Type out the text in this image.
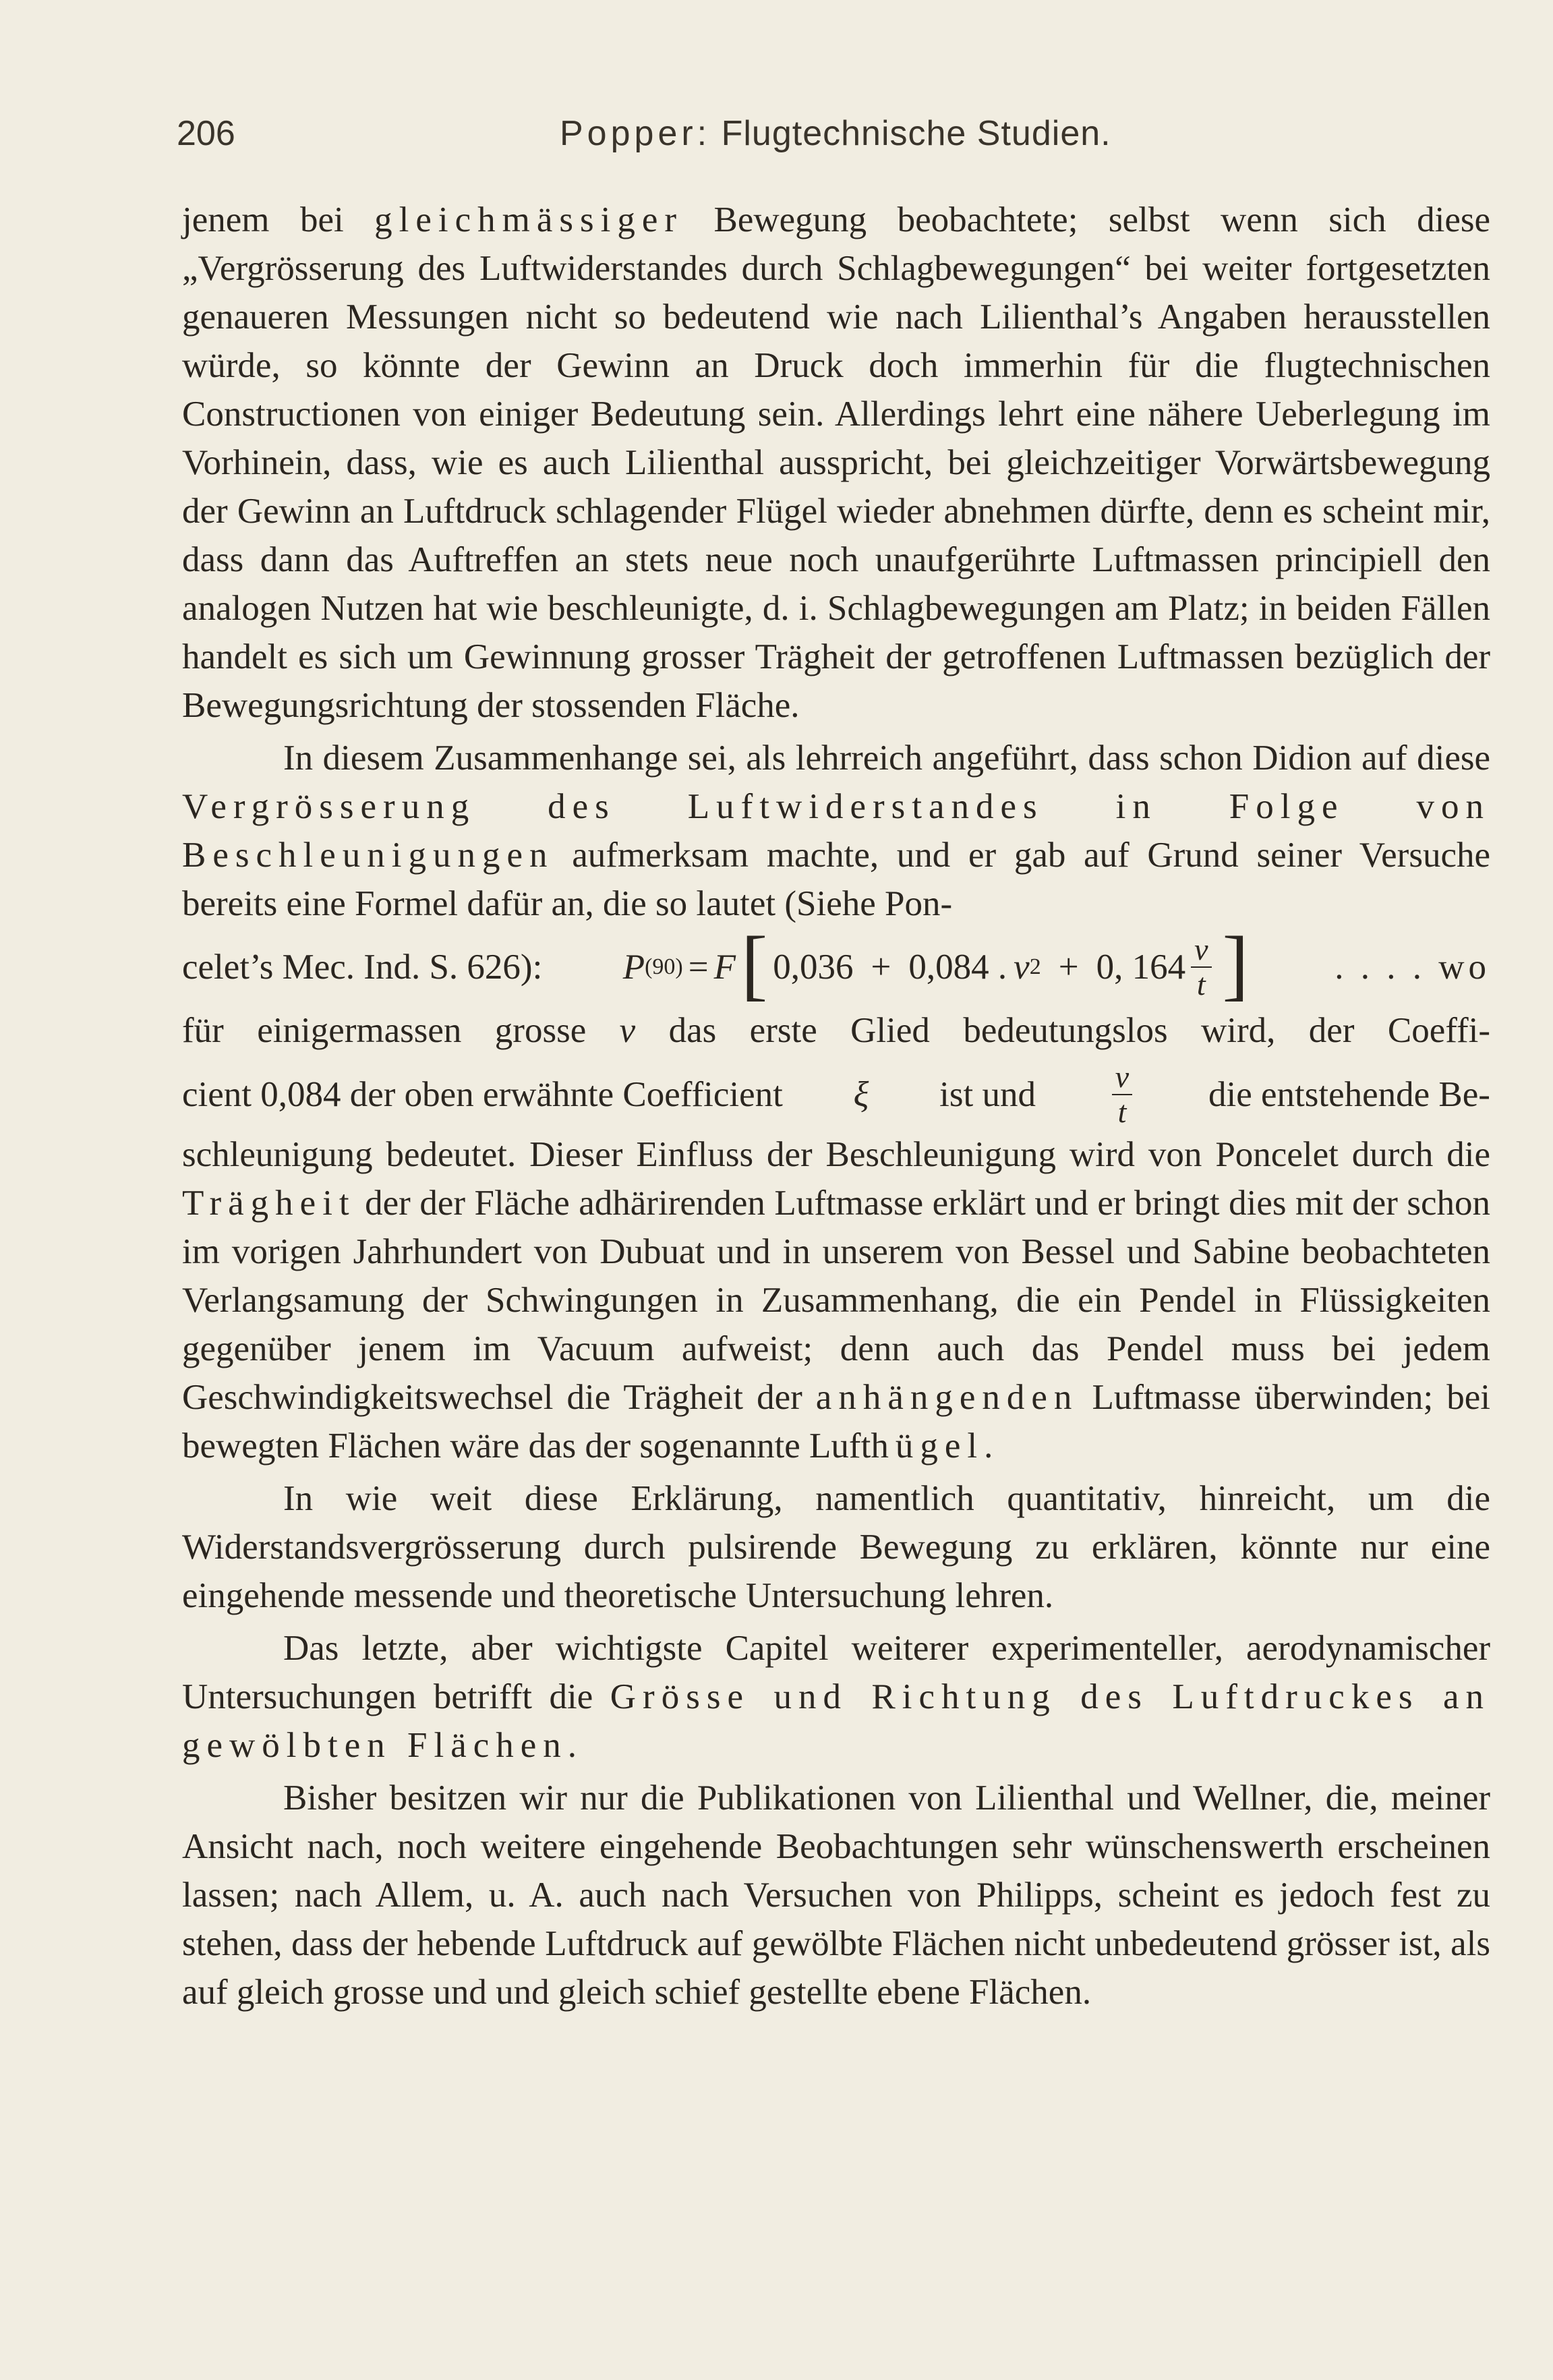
206	Popper: Flugtechnische Studien.

jenem bei gleichmässiger Bewegung beobachtete; selbst wenn sich diese „Vergrösserung des Luftwiderstandes durch Schlagbewegungen“ bei weiter fortgesetzten genaueren Messungen nicht so bedeutend wie nach Lilienthal’s Angaben herausstellen würde, so könnte der Gewinn an Druck doch immerhin für die flugtechnischen Constructionen von einiger Bedeutung sein. Allerdings lehrt eine nähere Ueberlegung im Vorhinein, dass, wie es auch Lilienthal ausspricht, bei gleichzeitiger Vorwärtsbewegung der Gewinn an Luftdruck schlagender Flügel wieder abnehmen dürfte, denn es scheint mir, dass dann das Auftreffen an stets neue noch unaufgerührte Luftmassen principiell den analogen Nutzen hat wie beschleunigte, d. i. Schlagbewegungen am Platz; in beiden Fällen handelt es sich um Gewinnung grosser Trägheit der getroffenen Luftmassen bezüglich der Bewegungsrichtung der stossenden Fläche.

In diesem Zusammenhange sei, als lehrreich angeführt, dass schon Didion auf diese Vergrösserung des Luftwiderstandes in Folge von Beschleunigungen aufmerksam machte, und er gab auf Grund seiner Versuche bereits eine Formel dafür an, die so lautet (Siehe Pon-

celet’s Mec. Ind. S. 626): P (90) = F [ 0,036 + 0,084 . v 2 + 0, $164 \frac{v}{t}$ ] . . . . wo

für einigermassen grosse v das erste Glied bedeutungslos wird, der Coeffi-

cient 0,084 der oben erwähnte Coefficient ξ ist und $\frac{v}{t}$ die entstehende Be-

schleunigung bedeutet. Dieser Einfluss der Beschleunigung wird von Poncelet durch die Trägheit der der Fläche adhärirenden Luftmasse erklärt und er bringt dies mit der schon im vorigen Jahrhundert von Dubuat und in unserem von Bessel und Sabine beobachteten Verlangsamung der Schwingungen in Zusammenhang, die ein Pendel in Flüssigkeiten gegenüber jenem im Vacuum aufweist; denn auch das Pendel muss bei jedem Geschwindigkeitswechsel die Trägheit der anhängenden Luftmasse überwinden; bei bewegten Flächen wäre das der sogenannte Lufthügel.

In wie weit diese Erklärung, namentlich quantitativ, hinreicht, um die Widerstandsvergrösserung durch pulsirende Bewegung zu erklären, könnte nur eine eingehende messende und theoretische Untersuchung lehren.

Das letzte, aber wichtigste Capitel weiterer experimenteller, aerodynamischer Untersuchungen betrifft die Grösse und Richtung des Luftdruckes an gewölbten Flächen.

Bisher besitzen wir nur die Publikationen von Lilienthal und Wellner, die, meiner Ansicht nach, noch weitere eingehende Beobachtungen sehr wünschenswerth erscheinen lassen; nach Allem, u. A. auch nach Versuchen von Philipps, scheint es jedoch fest zu stehen, dass der hebende Luftdruck auf gewölbte Flächen nicht unbedeutend grösser ist, als auf gleich grosse und und gleich schief gestellte ebene Flächen.
